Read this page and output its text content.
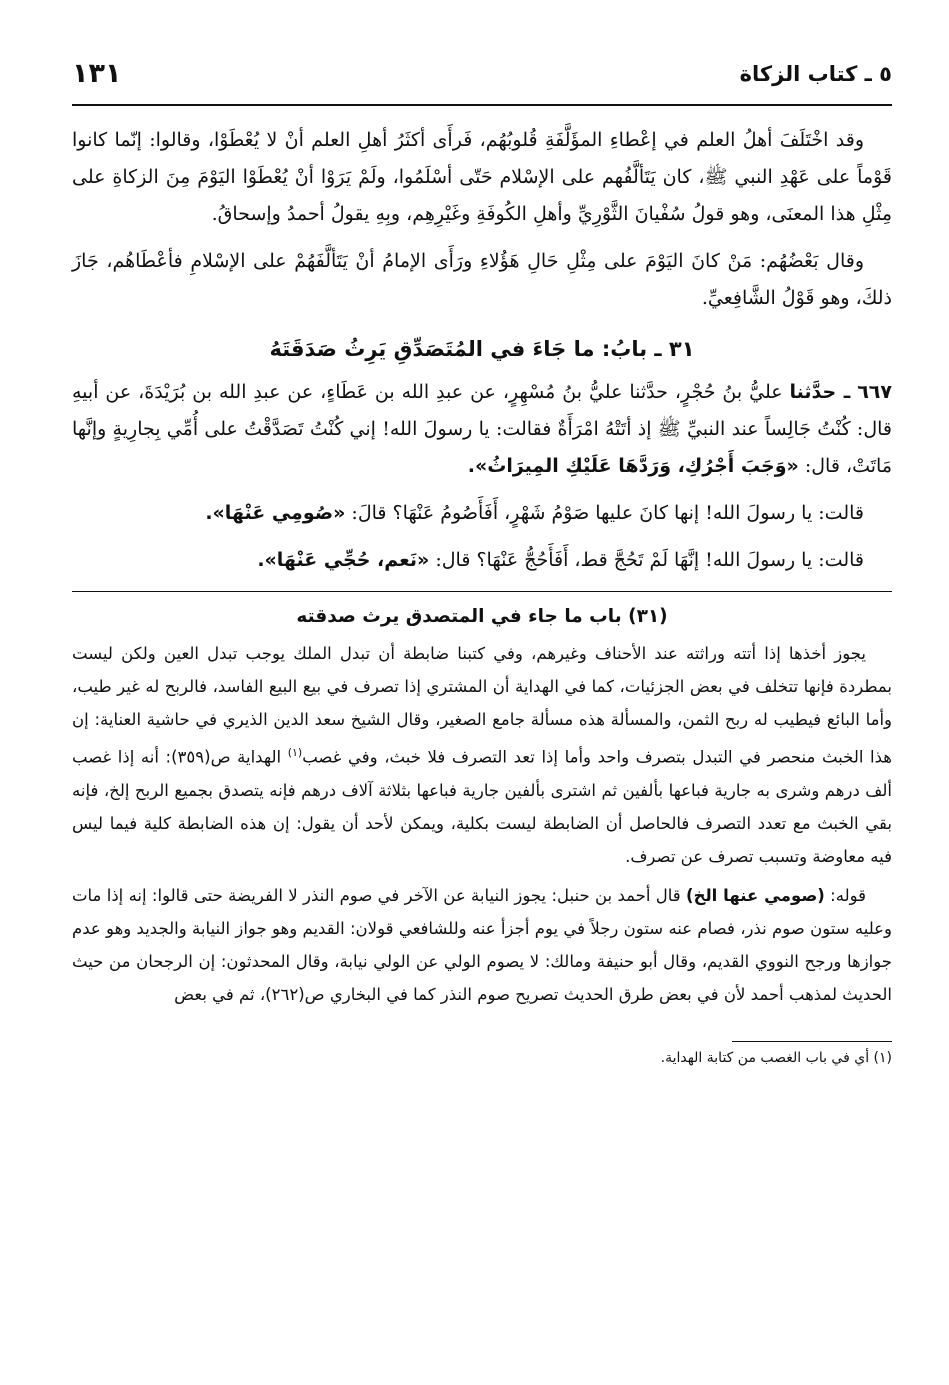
٥ ـ كتاب الزكاة
١٣١

وقد اخْتَلَفَ أهلُ العلم في إعْطاءِ المؤَلَّفَةِ قُلوبُهُم، فَرأَى أكثَرُ أهلِ العلم أنْ لا يُعْطَوْا، وقالوا: إنّما كانوا قَوْماً على عَهْدِ النبي ﷺ، كان يَتَألَّفُهم على الإسْلام حَتّى أسْلَمُوا، ولَمْ يَرَوْا أنْ يُعْطَوْا اليَوْمَ مِنَ الزكاةِ على مِثْلِ هذا المعنَى، وهو قولُ سُفْيانَ الثَّوْرِيِّ وأهلِ الكُوفَةِ وغَيْرِهِم، وبِهِ يقولُ أحمدُ وإسحاقُ.

وقال بَعْضُهُم: مَنْ كانَ اليَوْمَ على مِثْلِ حَالِ هَؤُلاءِ ورَأَى الإمامُ أنْ يَتَألَّفَهُمْ على الإسْلامِ فأعْطَاهُم، جَازَ ذلكَ، وهو قَوْلُ الشَّافِعيِّ.

٣١ ـ بابُ: ما جَاءَ في المُتَصَدِّقِ يَرِثُ صَدَقَتَهُ

٦٦٧ ـ حدَّثنا عليُّ بنُ حُجْرٍ، حدَّثنا عليُّ بنُ مُسْهِرٍ، عن عبدِ الله بن عَطَاءٍ، عن عبدِ الله بن بُرَيْدَةَ، عن أبيهِ قال: كُنْتُ جَالِساً عند النبيِّ ﷺ إذ أتَتْهُ امْرَأَةٌ فقالت: يا رسولَ الله! إني كُنْتُ تَصَدَّقْتُ على أُمِّي بِجارِيةٍ وإنَّها مَاتَتْ، قال: «وَجَبَ أَجْرُكِ، وَرَدَّهَا عَلَيْكِ المِيرَاثُ».

قالت: يا رسولَ الله! إنها كانَ عليها صَوْمُ شَهْرٍ، أَفَأَصُومُ عَنْهَا؟ قالَ: «صُومِي عَنْهَا».

قالت: يا رسولَ الله! إنَّهَا لَمْ تَحُجَّ قط، أَفَأَحُجُّ عَنْهَا؟ قال: «نَعم، حُجِّي عَنْهَا».

(٣١) باب ما جاء في المتصدق يرث صدقته

يجوز أخذها إذا أتته وراثته عند الأحناف وغيرهم، وفي كتبنا ضابطة أن تبدل الملك يوجب تبدل العين ولكن ليست بمطردة فإنها تتخلف في بعض الجزئيات، كما في الهداية أن المشتري إذا تصرف في بيع البيع الفاسد، فالربح له غير طيب، وأما البائع فيطيب له ربح الثمن، والمسألة هذه مسألة جامع الصغير، وقال الشيخ سعد الدين الذيري في حاشية العناية: إن هذا الخبث منحصر في التبدل بتصرف واحد وأما إذا تعد التصرف فلا خبث، وفي غصب$^{(١)}$ الهداية ص(٣٥٩): أنه إذا غصب ألف درهم وشرى به جارية فباعها بألفين ثم اشترى بألفين جارية فباعها بثلاثة آلاف درهم فإنه يتصدق بجميع الربح إلخ، فإنه بقي الخبث مع تعدد التصرف فالحاصل أن الضابطة ليست بكلية، ويمكن لأحد أن يقول: إن هذه الضابطة كلية فيما ليس فيه معاوضة وتسبب تصرف عن تصرف.

قوله: (صومي عنها الخ) قال أحمد بن حنبل: يجوز النيابة عن الآخر في صوم النذر لا الفريضة حتى قالوا: إنه إذا مات وعليه ستون صوم نذر، فصام عنه ستون رجلاً في يوم أجزأ عنه وللشافعي قولان: القديم وهو جواز النيابة والجديد وهو عدم جوازها ورجح النووي القديم، وقال أبو حنيفة ومالك: لا يصوم الولي عن الولي نيابة، وقال المحدثون: إن الرجحان من حيث الحديث لمذهب أحمد لأن في بعض طرق الحديث تصريح صوم النذر كما في البخاري ص(٢٦٢)، ثم في بعض

(١) أي في باب الغصب من كتابة الهداية.
